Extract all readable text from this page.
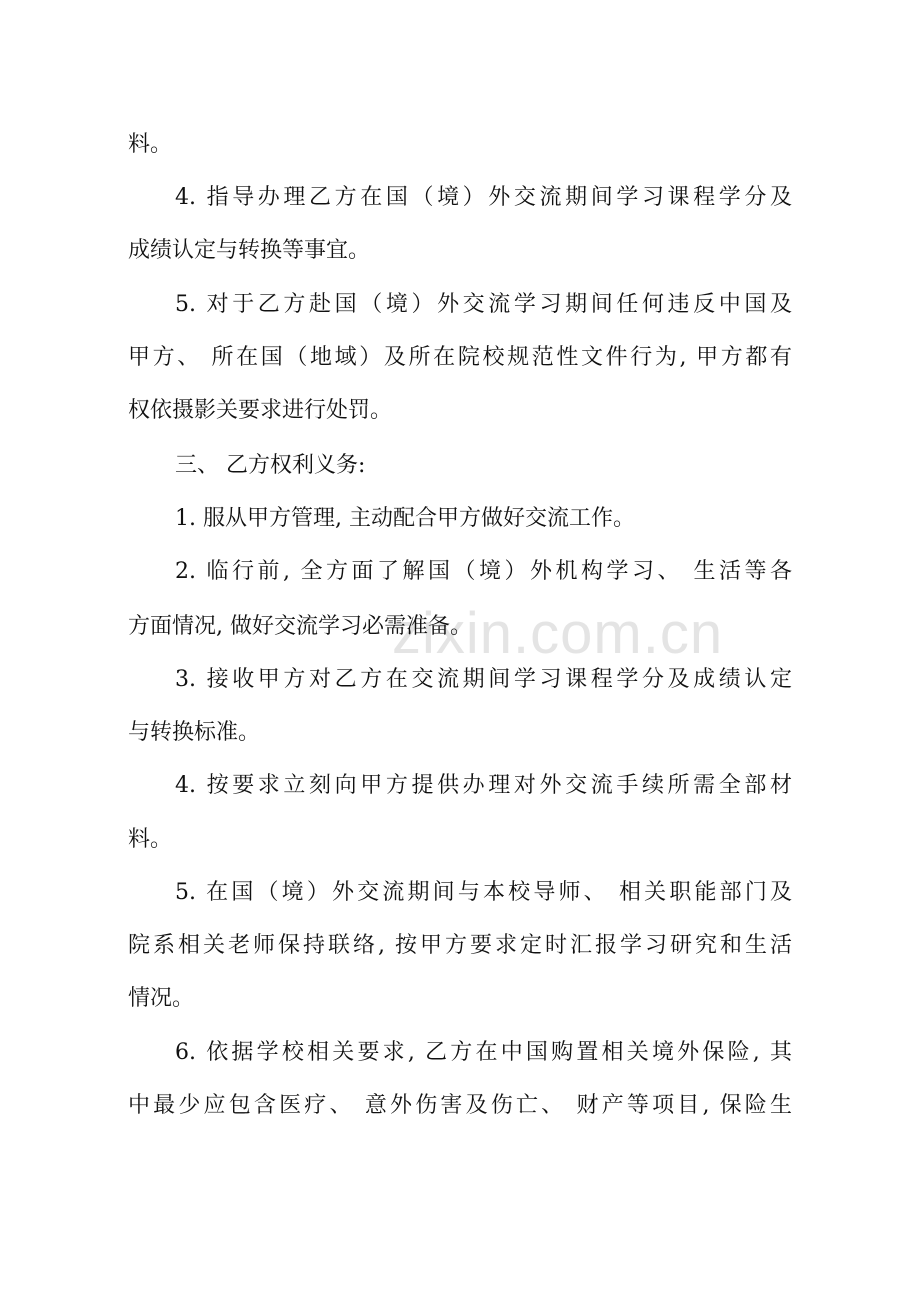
zixin.com.cn
料。
4. 指导办理乙方在国（境）外交流期间学习课程学分及
成绩认定与转换等事宜。
5. 对于乙方赴国（境）外交流学习期间任何违反中国及
甲方、 所在国（地域）及所在院校规范性文件行为, 甲方都有
权依摄影关要求进行处罚。
三、 乙方权利义务:
1. 服从甲方管理, 主动配合甲方做好交流工作。
2. 临行前, 全方面了解国（境）外机构学习、 生活等各
方面情况, 做好交流学习必需准备。
3. 接收甲方对乙方在交流期间学习课程学分及成绩认定
与转换标准。
4. 按要求立刻向甲方提供办理对外交流手续所需全部材
料。
5. 在国（境）外交流期间与本校导师、 相关职能部门及
院系相关老师保持联络, 按甲方要求定时汇报学习研究和生活
情况。
6. 依据学校相关要求, 乙方在中国购置相关境外保险, 其
中最少应包含医疗、 意外伤害及伤亡、 财产等项目, 保险生
